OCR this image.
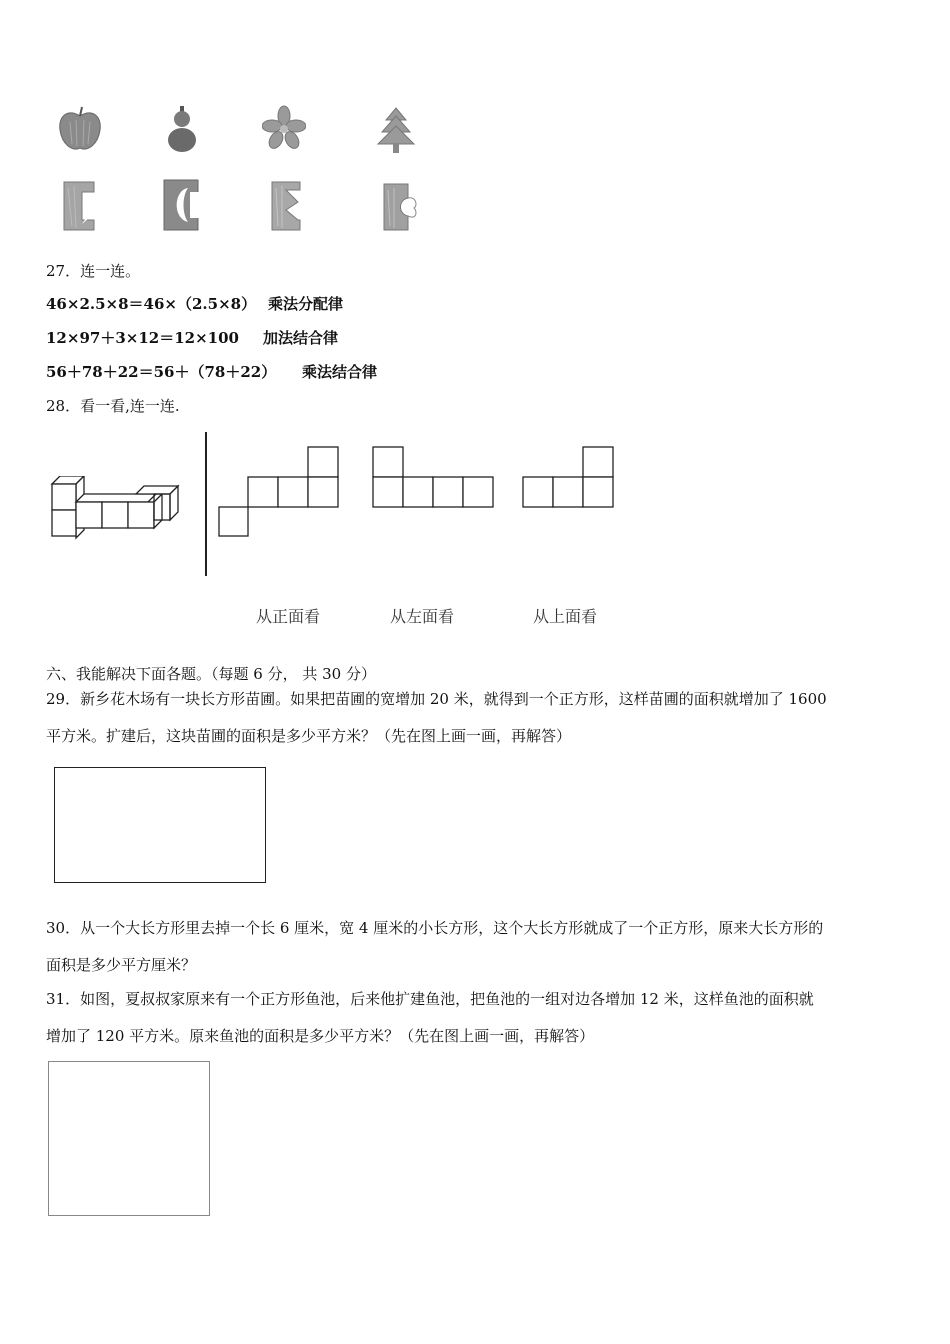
27．连一连。
46×2.5×8＝46×（2.5×8） 乘法分配律
12×97＋3×12＝12×100 加法结合律
56＋78＋22＝56＋（78＋22） 乘法结合律
28．看一看,连一连.
从正面看	从左面看	从上面看
六、我能解决下面各题。（每题 6 分， 共 30 分）
29．新乡花木场有一块长方形苗圃。如果把苗圃的宽增加 20 米，就得到一个正方形，这样苗圃的面积就增加了 1600
平方米。扩建后，这块苗圃的面积是多少平方米？（先在图上画一画，再解答）
30．从一个大长方形里去掉一个长 6 厘米，宽 4 厘米的小长方形，这个大长方形就成了一个正方形，原来大长方形的
面积是多少平方厘米？
31．如图，夏叔叔家原来有一个正方形鱼池，后来他扩建鱼池，把鱼池的一组对边各增加 12 米，这样鱼池的面积就
增加了 120 平方米。原来鱼池的面积是多少平方米？（先在图上画一画，再解答）
